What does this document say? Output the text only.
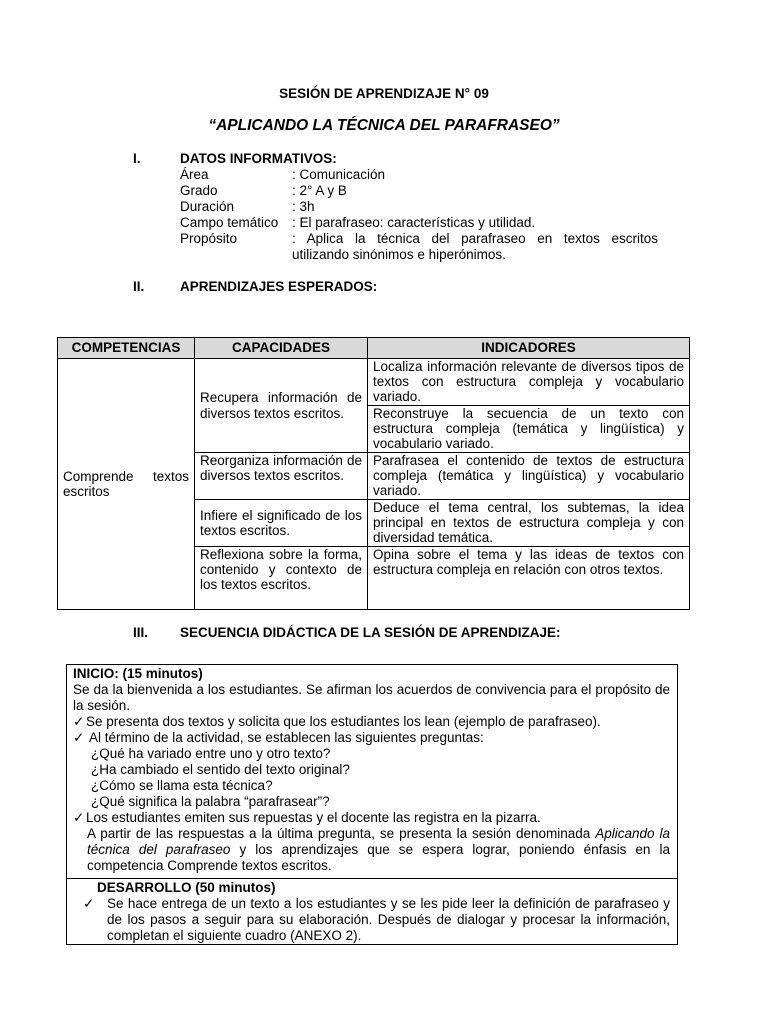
SESIÓN DE APRENDIZAJE N° 09
“APLICANDO LA TÉCNICA DEL PARAFRASEO”
I.	DATOS INFORMATIVOS:
Área	: Comunicación
Grado	: 2° A y B
Duración	: 3h
Campo temático : El parafraseo: características y utilidad.
Propósito	: Aplica la técnica del parafraseo en textos escritos
utilizando sinónimos e hiperónimos.
II.	APRENDIZAJES ESPERADOS:
COMPETENCIAS	CAPACIDADES	INDICADORES
Comprende textos escritos	Recupera información de diversos textos escritos.	Localiza información relevante de diversos tipos de textos con estructura compleja y vocabulario variado.
		Reconstruye la secuencia de un texto con estructura compleja (temática y lingüística) y vocabulario variado.
	Reorganiza información de diversos textos escritos.	Parafrasea el contenido de textos de estructura compleja (temática y lingüística) y vocabulario variado.
	Infiere el significado de los textos escritos.	Deduce el tema central, los subtemas, la idea principal en textos de estructura compleja y con diversidad temática.
	Reflexiona sobre la forma, contenido y contexto de los textos escritos.	Opina sobre el tema y las ideas de textos con estructura compleja en relación con otros textos.
III. SECUENCIA DIDÁCTICA DE LA SESIÓN DE APRENDIZAJE:
INICIO: (15 minutos)
Se da la bienvenida a los estudiantes. Se afirman los acuerdos de convivencia para el propósito de la sesión.
✓ Se presenta dos textos y solicita que los estudiantes los lean (ejemplo de parafraseo).
✓ Al término de la actividad, se establecen las siguientes preguntas:
¿Qué ha variado entre uno y otro texto?
¿Ha cambiado el sentido del texto original?
¿Cómo se llama esta técnica?
¿Qué significa la palabra “parafrasear”?
✓ Los estudiantes emiten sus repuestas y el docente las registra en la pizarra.
A partir de las respuestas a la última pregunta, se presenta la sesión denominada Aplicando la técnica del parafraseo y los aprendizajes que se espera lograr, poniendo énfasis en la competencia Comprende textos escritos.
DESARROLLO (50 minutos)
✓ Se hace entrega de un texto a los estudiantes y se les pide leer la definición de parafraseo y de los pasos a seguir para su elaboración. Después de dialogar y procesar la información, completan el siguiente cuadro (ANEXO 2).
